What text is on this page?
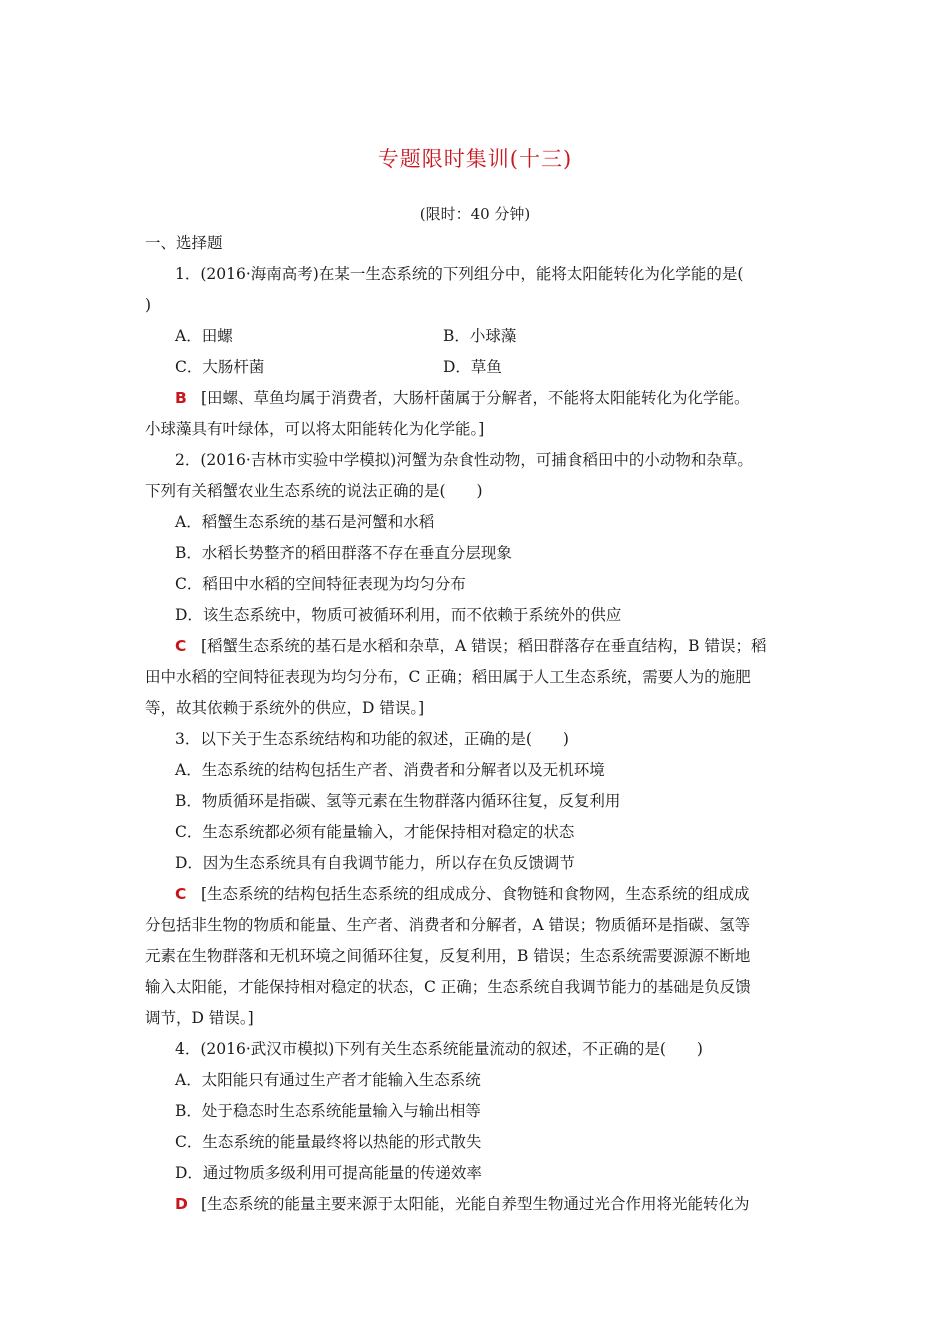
专题限时集训(十三)
(限时：40 分钟)
一、选择题
1．(2016·海南高考)在某一生态系统的下列组分中，能将太阳能转化为化学能的是(
)
A．田螺	B．小球藻
C．大肠杆菌	D．草鱼
B [田螺、草鱼均属于消费者，大肠杆菌属于分解者，不能将太阳能转化为化学能。
小球藻具有叶绿体，可以将太阳能转化为化学能。]
2．(2016·吉林市实验中学模拟)河蟹为杂食性动物，可捕食稻田中的小动物和杂草。
下列有关稻蟹农业生态系统的说法正确的是(　　)
A．稻蟹生态系统的基石是河蟹和水稻
B．水稻长势整齐的稻田群落不存在垂直分层现象
C．稻田中水稻的空间特征表现为均匀分布
D．该生态系统中，物质可被循环利用，而不依赖于系统外的供应
C [稻蟹生态系统的基石是水稻和杂草，A 错误；稻田群落存在垂直结构，B 错误；稻
田中水稻的空间特征表现为均匀分布，C 正确；稻田属于人工生态系统，需要人为的施肥
等，故其依赖于系统外的供应，D 错误。]
3．以下关于生态系统结构和功能的叙述，正确的是(　　)
A．生态系统的结构包括生产者、消费者和分解者以及无机环境
B．物质循环是指碳、氢等元素在生物群落内循环往复，反复利用
C．生态系统都必须有能量输入，才能保持相对稳定的状态
D．因为生态系统具有自我调节能力，所以存在负反馈调节
C [生态系统的结构包括生态系统的组成成分、食物链和食物网，生态系统的组成成
分包括非生物的物质和能量、生产者、消费者和分解者，A 错误；物质循环是指碳、氢等
元素在生物群落和无机环境之间循环往复，反复利用，B 错误；生态系统需要源源不断地
输入太阳能，才能保持相对稳定的状态，C 正确；生态系统自我调节能力的基础是负反馈
调节，D 错误。]
4．(2016·武汉市模拟)下列有关生态系统能量流动的叙述，不正确的是(　　)
A．太阳能只有通过生产者才能输入生态系统
B．处于稳态时生态系统能量输入与输出相等
C．生态系统的能量最终将以热能的形式散失
D．通过物质多级利用可提高能量的传递效率
D [生态系统的能量主要来源于太阳能，光能自养型生物通过光合作用将光能转化为
